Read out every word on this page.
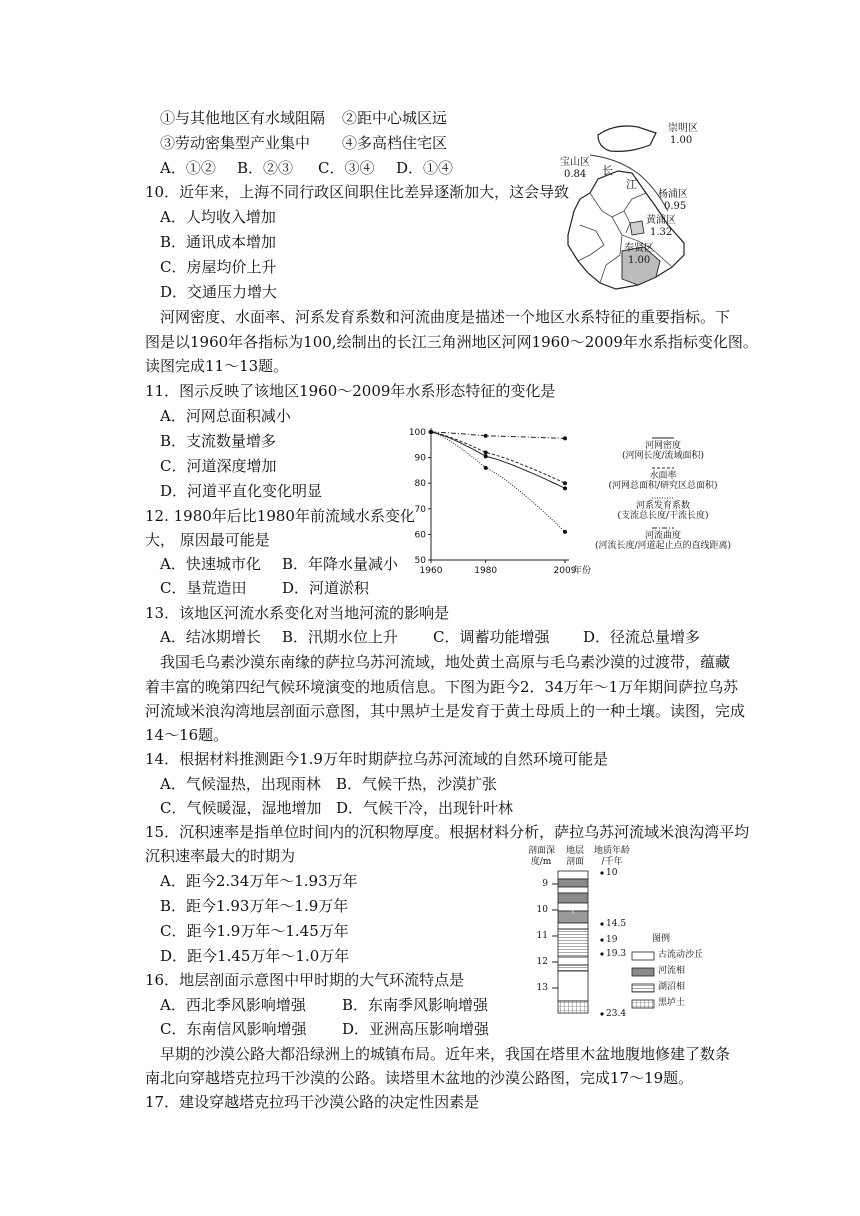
①与其他地区有水域阻隔 ②距中心城区远
③劳动密集型产业集中 ④多高档住宅区
A．①② B．②③ C．③④ D．①④
10．近年来，上海不同行政区间职住比差异逐渐加大，这会导致
A．人均收入增加
B．通讯成本增加
C．房屋均价上升
D．交通压力增大
崇明区
1.00
宝山区
0.84 长
江
杨浦区
0.95
黄浦区
1.32
奉贤区
1.00
河网密度、水面率、河系发育系数和河流曲度是描述一个地区水系特征的重要指标。下
图是以1960年各指标为100,绘制出的长江三角洲地区河网1960～2009年水系指标变化图。
读图完成11～13题。
11．图示反映了该地区1960～2009年水系形态特征的变化是
A．河网总面积减小
B．支流数量增多
C．河道深度增加
D．河道平直化变化明显
12. 1980年后比1980年前流域水系变化
大， 原因最可能是
A．快速城市化 B．年降水量减小
C．垦荒造田 D．河道淤积
100
90
80
70
60
50
1960	1980	2009
年份
河网密度
(河网长度/流域面积)
水面率
(河网总面积/研究区总面积)
河系发育系数
(支流总长度/干流长度)
河流曲度
(河流长度/河道起止点的直线距离)
13．该地区河流水系变化对当地河流的影响是
A．结冰期增长 B．汛期水位上升 C．调蓄功能增强 D．径流总量增多
我国毛乌素沙漠东南缘的萨拉乌苏河流域，地处黄土高原与毛乌素沙漠的过渡带，蕴藏
着丰富的晚第四纪气候环境演变的地质信息。下图为距今2．34万年～1万年期间萨拉乌苏
河流域米浪沟湾地层剖面示意图，其中黑垆土是发育于黄土母质上的一种土壤。读图，完成
14～16题。
14．根据材料推测距今1.9万年时期萨拉乌苏河流域的自然环境可能是
A．气候湿热，出现雨林 B．气候干热，沙漠扩张
C．气候暖湿，湿地增加 D．气候干冷，出现针叶林
15．沉积速率是指单位时间内的沉积物厚度。根据材料分析，萨拉乌苏河流域米浪沟湾平均
沉积速率最大的时期为
A．距今2.34万年～1.93万年
B．距今1.93万年～1.9万年
C．距今1.9万年～1.45万年
D．距今1.45万年～1.0万年
剖面深
度/m
地层
剖面
地质年龄
/千年
9
10
11
12
13
甲
10
14.5
19
19.3
23.4
图例
古流动沙丘
河流相
湖沼相
黑垆土
16．地层剖面示意图中甲时期的大气环流特点是
A．西北季风影响增强 B．东南季风影响增强
C．东南信风影响增强 D．亚洲高压影响增强
早期的沙漠公路大都沿绿洲上的城镇布局。近年来，我国在塔里木盆地腹地修建了数条
南北向穿越塔克拉玛干沙漠的公路。读塔里木盆地的沙漠公路图，完成17～19题。
17．建设穿越塔克拉玛干沙漠公路的决定性因素是
